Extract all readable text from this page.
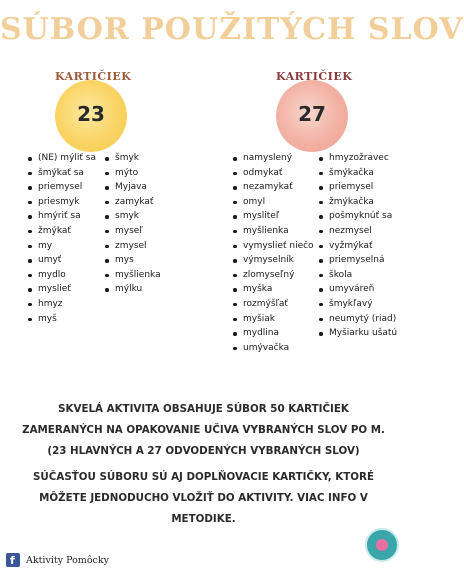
SÚBOR POUŽITÝCH SLOV
KARTIČIEK
23
KARTIČIEK
27
(NE) mýliť sa
šmýkať sa
priemysel
priesmyk
hmýriť sa
žmýkať
my
umyť
mydlo
myslieť
hmyz
myš
šmyk
mýto
Myjava
zamykať
smyk
myseľ
zmysel
mys
myšlienka
mýlku
namyslený
odmykať
nezamykať
omyl
mysliteľ
myšlienka
vymyslieť niečo
výmyselník
zlomyseľný
myška
rozmýšľať
myšiak
mydlina
umývačka
hmyzožravec
šmýkačka
priemysel
žmýkačka
pošmyknúť sa
nezmysel
vyžmýkať
priemyselná
škola
umyváreň
šmykľavý
neumytý (riad)
Myšiarku ušatú
SKVELÁ AKTIVITA OBSAHUJE SÚBOR 50 KARTIČIEK ZAMERANÝCH NA OPAKOVANIE UČIVA VYBRANÝCH SLOV PO M. (23 HLAVNÝCH A 27 ODVODENÝCH VYBRANÝCH SLOV)
SÚČASŤOU SÚBORU SÚ AJ DOPLŇOVACIE KARTIČKY, KTORÉ MÔŽETE JEDNODUCHO VLOŽIŤ DO AKTIVITY. VIAC INFO V METODIKE.
f Aktivity Pomôcky
